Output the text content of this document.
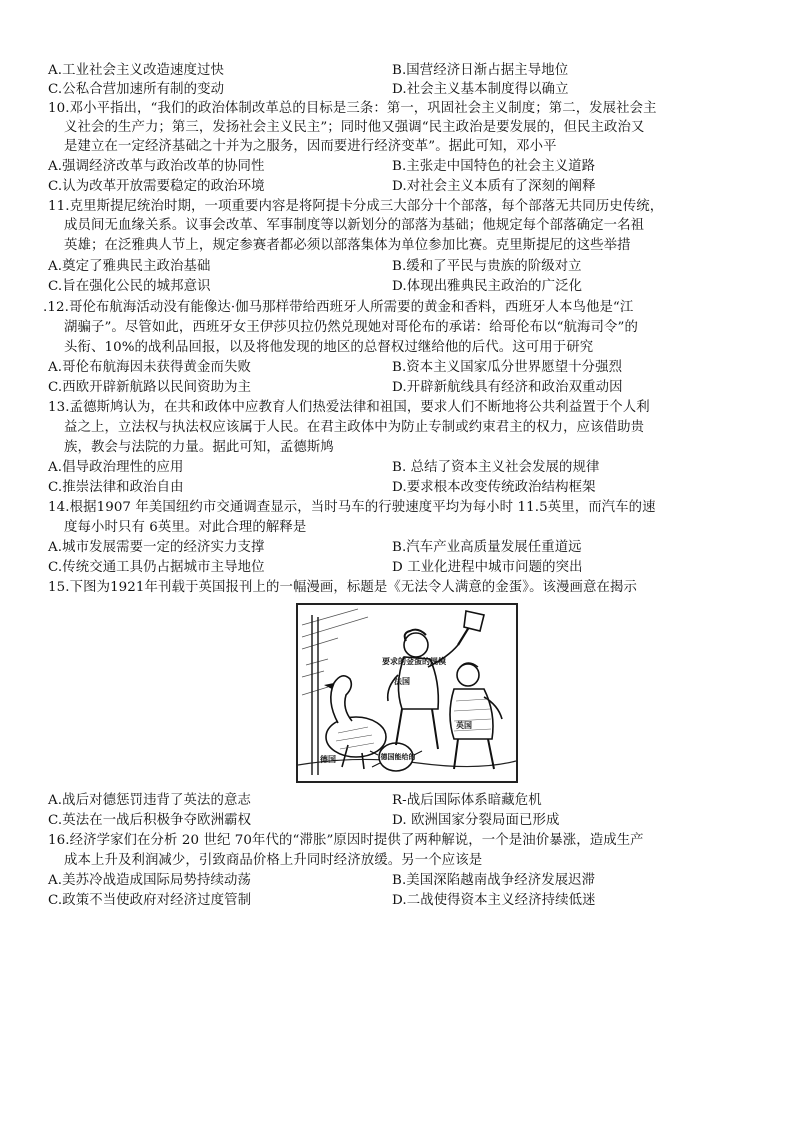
A.工业社会主义改造速度过快	B.国营经济日渐占据主导地位
C.公私合营加速所有制的变动	D.社会主义基本制度得以确立
10.邓小平指出，“我们的政治体制改革总的目标是三条：第一，巩固社会主义制度；第二，发展社会主
义社会的生产力；第三，发扬社会主义民主”；同时他又强调“民主政治是要发展的，但民主政治又
是建立在一定经济基础之十并为之服务，因而要进行经济变革”。据此可知，邓小平
A.强调经济改革与政治改革的协同性	B.主张走中国特色的社会主义道路
C.认为改革开放需要稳定的政治环境	D.对社会主义本质有了深刻的阐释
11.克里斯提尼统治时期，一项重要内容是将阿提卡分成三大部分十个部落，每个部落无共同历史传统，
成员间无血缘关系。议事会改革、军事制度等以新划分的部落为基础；他规定每个部落确定一名祖
英雄；在泛雅典人节上，规定参赛者都必须以部落集体为单位参加比赛。克里斯提尼的这些举措
A.奠定了雅典民主政治基础	B.缓和了平民与贵族的阶级对立
C.旨在强化公民的城邦意识	D.体现出雅典民主政治的广泛化
.12.哥伦布航海活动没有能像达·伽马那样带给西班牙人所需要的黄金和香料，西班牙人本鸟他是“江
湖骗子”。尽管如此，西班牙女王伊莎贝拉仍然兑现她对哥伦布的承诺：给哥伦布以“航海司令”的
头衔、10%的战利品回报，以及将他发现的地区的总督权过继给他的后代。这可用于研究
A.哥伦布航海因未获得黄金而失败	B.资本主义国家瓜分世界愿望十分强烈
C.西欧开辟新航路以民间资助为主	D.开辟新航线具有经济和政治双重动因
13.孟德斯鸠认为，在共和政体中应教育人们热爱法律和祖国，要求人们不断地将公共利益置于个人利
益之上，立法权与执法权应该属于人民。在君主政体中为防止专制或约束君主的权力，应该借助贵
族，教会与法院的力量。据此可知，孟德斯鸠
A.倡导政治理性的应用	B. 总结了资本主义社会发展的规律
C.推崇法律和政治自由	D.要求根本改变传统政治结构框架
14.根据1907 年美国纽约市交通调查显示，当时马车的行驶速度平均为每小时 11.5英里，而汽车的速
度每小时只有 6英里。对此合理的解释是
A.城市发展需要一定的经济实力支撑	B.汽车产业高质量发展任重道远
C.传统交通工具仍占据城市主导地位	D 工业化进程中城市问题的突出
15.下图为1921年刊载于英国报刊上的一幅漫画，标题是《无法令人满意的金蛋》。该漫画意在揭示
要求的金蛋的规模
法国
英国
德国	德国能给的
A.战后对德惩罚违背了英法的意志	R-战后国际体系暗藏危机
C.英法在一战后积极争夺欧洲霸权	D. 欧洲国家分裂局面已形成
16.经济学家们在分析 20 世纪 70年代的“滞胀”原因时提供了两种解说，一个是油价暴涨，造成生产
成本上升及利润减少，引致商品价格上升同时经济放缓。另一个应该是
A.美苏冷战造成国际局势持续动荡	B.美国深陷越南战争经济发展迟滞
C.政策不当使政府对经济过度管制	D.二战使得资本主义经济持续低迷
